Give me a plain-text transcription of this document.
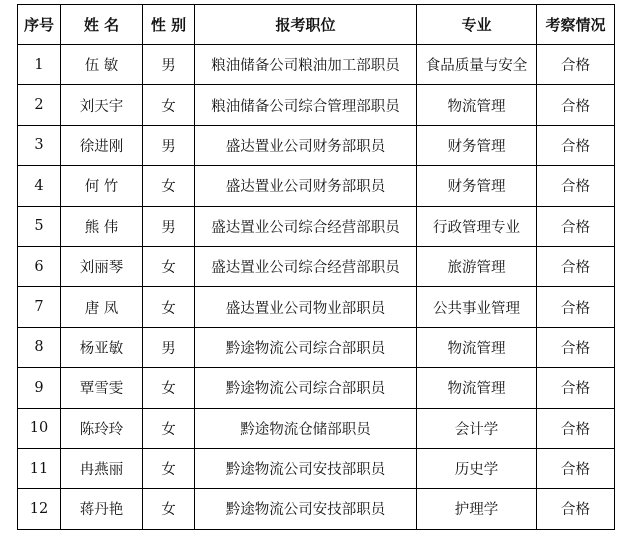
序号	姓 名	性 别	报考职位	专业	考察情况
1	伍 敏	男	粮油储备公司粮油加工部职员	食品质量与安全	合格
2	刘天宇	女	粮油储备公司综合管理部职员	物流管理	合格
3	徐进刚	男	盛达置业公司财务部职员	财务管理	合格
4	何 竹	女	盛达置业公司财务部职员	财务管理	合格
5	熊 伟	男	盛达置业公司综合经营部职员	行政管理专业	合格
6	刘丽琴	女	盛达置业公司综合经营部职员	旅游管理	合格
7	唐 凤	女	盛达置业公司物业部职员	公共事业管理	合格
8	杨亚敏	男	黔途物流公司综合部职员	物流管理	合格
9	覃雪雯	女	黔途物流公司综合部职员	物流管理	合格
10	陈玲玲	女	黔途物流仓储部职员	会计学	合格
11	冉燕丽	女	黔途物流公司安技部职员	历史学	合格
12	蒋丹艳	女	黔途物流公司安技部职员	护理学	合格
